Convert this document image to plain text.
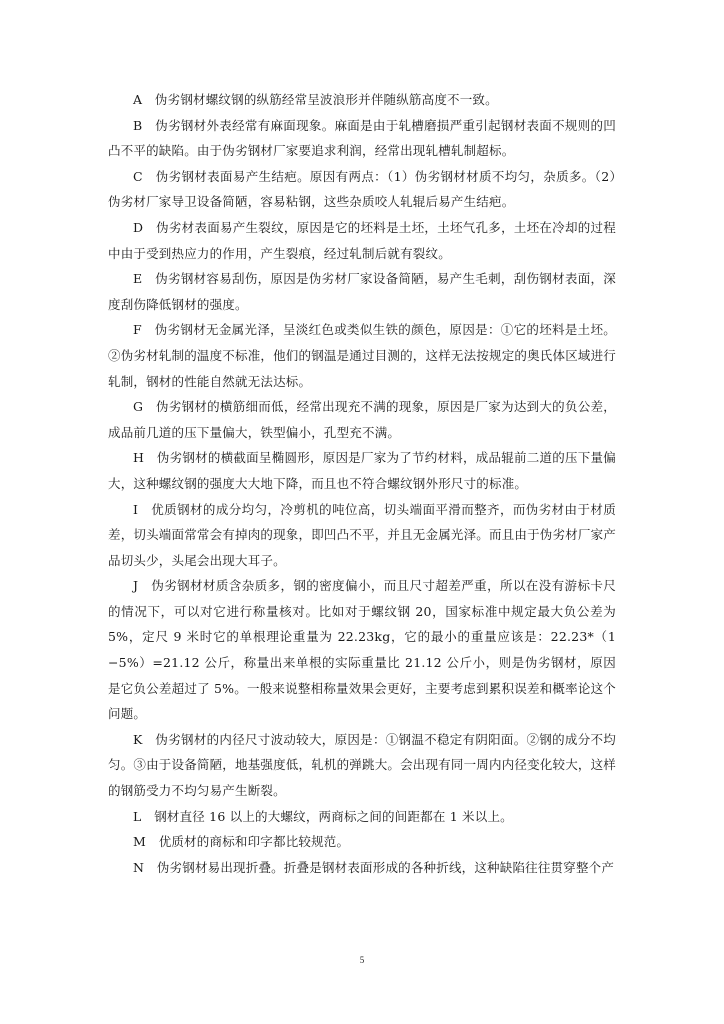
A　伪劣钢材螺纹钢的纵筋经常呈波浪形并伴随纵筋高度不一致。

B　伪劣钢材外表经常有麻面现象。麻面是由于轧槽磨损严重引起钢材表面不规则的凹凸不平的缺陷。由于伪劣钢材厂家要追求利润，经常出现轧槽轧制超标。

C　伪劣钢材表面易产生结疤。原因有两点：（1）伪劣钢材材质不均匀，杂质多。（2）伪劣材厂家导卫设备简陋，容易粘钢，这些杂质咬人轧辊后易产生结疤。

D　伪劣材表面易产生裂纹，原因是它的坯料是土坯，土坯气孔多，土坯在冷却的过程中由于受到热应力的作用，产生裂痕，经过轧制后就有裂纹。

E　伪劣钢材容易刮伤，原因是伪劣材厂家设备简陋，易产生毛刺，刮伤钢材表面，深度刮伤降低钢材的强度。

F　伪劣钢材无金属光泽，呈淡红色或类似生铁的颜色，原因是：①它的坯料是土坯。②伪劣材轧制的温度不标准，他们的钢温是通过目测的，这样无法按规定的奥氏体区域进行轧制，钢材的性能自然就无法达标。

G　伪劣钢材的横筋细而低，经常出现充不满的现象，原因是厂家为达到大的负公差，成品前几道的压下量偏大，铁型偏小，孔型充不满。

H　伪劣钢材的横截面呈椭圆形，原因是厂家为了节约材料，成品辊前二道的压下量偏大，这种螺纹钢的强度大大地下降，而且也不符合螺纹钢外形尺寸的标准。

I　优质钢材的成分均匀，冷剪机的吨位高，切头端面平滑而整齐，而伪劣材由于材质差，切头端面常常会有掉肉的现象，即凹凸不平，并且无金属光泽。而且由于伪劣材厂家产品切头少，头尾会出现大耳子。

J　伪劣钢材材质含杂质多，钢的密度偏小，而且尺寸超差严重，所以在没有游标卡尺的情况下，可以对它进行称量核对。比如对于螺纹钢 20，国家标准中规定最大负公差为 5%，定尺 9 米时它的单根理论重量为 22.23kg，它的最小的重量应该是：22.23*（1−5%）=21.12 公斤，称量出来单根的实际重量比 21.12 公斤小，则是伪劣钢材，原因是它负公差超过了 5%。一般来说整相称量效果会更好，主要考虑到累积误差和概率论这个问题。

K　伪劣钢材的内径尺寸波动较大，原因是：①钢温不稳定有阴阳面。②钢的成分不均匀。③由于设备简陋，地基强度低，轧机的弹跳大。会出现有同一周内内径变化较大，这样的钢筋受力不均匀易产生断裂。

L　钢材直径 16 以上的大螺纹，两商标之间的间距都在 1 米以上。

M　优质材的商标和印字都比较规范。

N　伪劣钢材易出现折叠。折叠是钢材表面形成的各种折线，这种缺陷往往贯穿整个产

5
